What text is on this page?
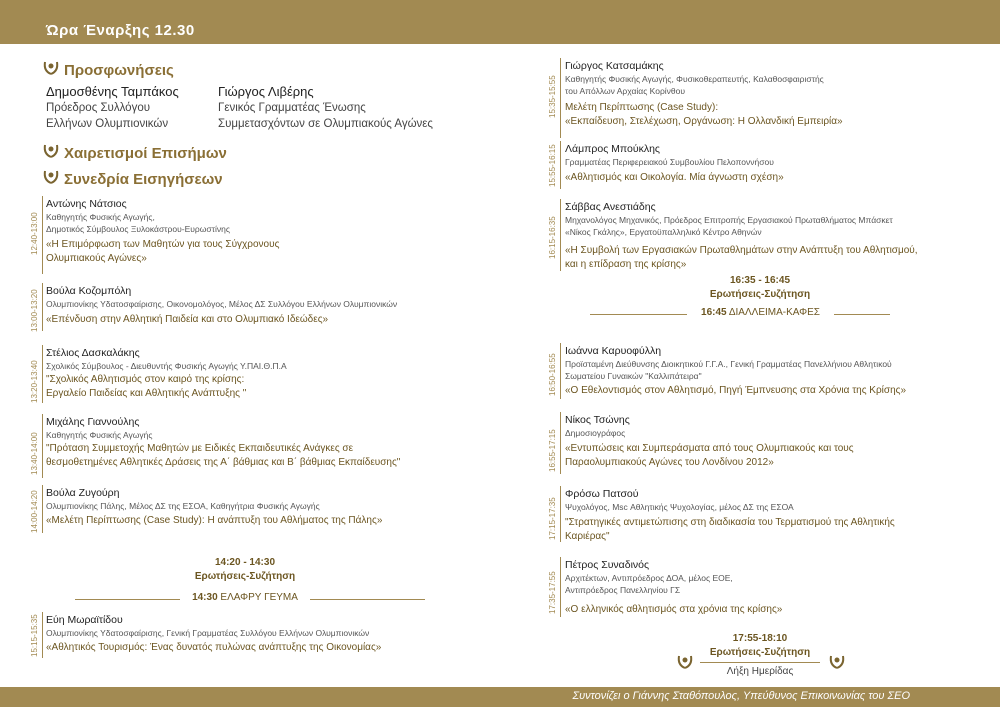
Ώρα Έναρξης 12.30
Προσφωνήσεις
Δημοσθένης Ταμπάκος
Πρόεδρος Συλλόγου
Ελλήνων Ολυμπιονικών
Γιώργος Λιβέρης
Γενικός Γραμματέας Ένωσης
Συμμετασχόντων σε Ολυμπιακούς Αγώνες
Χαιρετισμοί Επισήμων
Συνεδρία Εισηγήσεων
12:40-13:00
Αντώνης Νάτσιος
Καθηγητής Φυσικής Αγωγής,
Δημοτικός Σύμβουλος Ξυλοκάστρου-Ευρωστίνης
«Η Επιμόρφωση των Μαθητών για τους Σύγχρονους
Ολυμπιακούς Αγώνες»
13:00-13:20 Βούλα Κοζομπόλη
Ολυμπιονίκης Υδατοσφαίρισης, Οικονομολόγος, Μέλος ΔΣ Συλλόγου Ελλήνων Ολυμπιονικών
«Επένδυση στην Αθλητική Παιδεία και στο Ολυμπιακό Ιδεώδες»
13:20-13:40
Στέλιος Δασκαλάκης
Σχολικός Σύμβουλος - Διευθυντής Φυσικής Αγωγής Υ.ΠΑΙ.Θ.Π.Α
"Σχολικός Αθλητισμός στον καιρό της κρίσης:
Εργαλείο Παιδείας και Αθλητικής Ανάπτυξης "
13:40-14:00
Μιχάλης Γιαννούλης
Καθηγητής Φυσικής Αγωγής
"Πρόταση Συμμετοχής Μαθητών με Ειδικές Εκπαιδευτικές Ανάγκες σε
θεσμοθετημένες Αθλητικές Δράσεις της Α΄ βάθμιας και Β΄ βάθμιας Εκπαίδευσης"
14:00-14:20 Βούλα Ζυγούρη
Ολυμπιονίκης Πάλης, Μέλος ΔΣ της ΕΣΟΑ, Καθηγήτρια Φυσικής Αγωγής
«Μελέτη Περίπτωσης (Case Study): Η ανάπτυξη του Αθλήματος της Πάλης»
14:20 - 14:30
Ερωτήσεις-Συζήτηση
14:30 ΕΛΑΦΡΥ ΓΕΥΜΑ
15:15-15:35 Εύη Μωραϊτίδου
Ολυμπιονίκης Υδατοσφαίρισης, Γενική Γραμματέας Συλλόγου Ελλήνων Ολυμπιονικών
«Αθλητικός Τουρισμός: Ένας δυνατός πυλώνας ανάπτυξης της Οικονομίας»
15:35-15:55
Γιώργος Κατσαμάκης
Καθηγητής Φυσικής Αγωγής, Φυσικοθεραπευτής, Καλαθοσφαιριστής
του Απόλλων Αρχαίας Κορίνθου
Μελέτη Περίπτωσης (Case Study):
«Εκπαίδευση, Στελέχωση, Οργάνωση: Η Ολλανδική Εμπειρία»
15:55-16:15 Λάμπρος Μπούκλης
Γραμματέας Περιφερειακού Συμβουλίου Πελοποννήσου
«Αθλητισμός και Οικολογία. Μία άγνωστη σχέση»
16:15-16:35
Σάββας Ανεστιάδης
Μηχανολόγος Μηχανικός, Πρόεδρος Επιτροπής Εργασιακού Πρωταθλήματος Μπάσκετ
«Νίκος Γκάλης», Εργατοϋπαλληλικό Κέντρο Αθηνών
«Η Συμβολή των Εργασιακών Πρωταθλημάτων στην Ανάπτυξη του Αθλητισμού,
και η επίδραση της κρίσης»
16:35 - 16:45
Ερωτήσεις-Συζήτηση
16:45 ΔΙΑΛΛΕΙΜΑ-ΚΑΦΕΣ
16:50-16:55
Ιωάννα Καρυοφύλλη
Προϊσταμένη Διεύθυνσης Διοικητικού Γ.Γ.Α., Γενική Γραμματέας Πανελλήνιου Αθλητικού
Σωματείου Γυναικών "Καλλιπάτειρα"
«Ο Εθελοντισμός στον Αθλητισμό, Πηγή Έμπνευσης στα Χρόνια της Κρίσης»
16:55-17:15
Νίκος Τσώνης
Δημοσιογράφος
«Εντυπώσεις και Συμπεράσματα από τους Ολυμπιακούς και τους
Παραολυμπιακούς Αγώνες του Λονδίνου 2012»
17:15-17:35
Φρόσω Πατσού
Ψυχολόγος, Msc Αθλητικής Ψυχολογίας, μέλος ΔΣ της ΕΣΟΑ
"Στρατηγικές αντιμετώπισης στη διαδικασία του Τερματισμού της Αθλητικής
Καριέρας"
17:35-17:55
Πέτρος Συναδινός
Αρχιτέκτων, Αντιπρόεδρος ΔΟΑ, μέλος ΕΟΕ,
Αντιπρόεδρος Πανελληνίου ΓΣ
«Ο ελληνικός αθλητισμός στα χρόνια της κρίσης»
17:55-18:10
Ερωτήσεις-Συζήτηση
Λήξη Ημερίδας
Συντονίζει ο Γιάννης Σταθόπουλος, Υπεύθυνος Επικοινωνίας του ΣΕΟ
